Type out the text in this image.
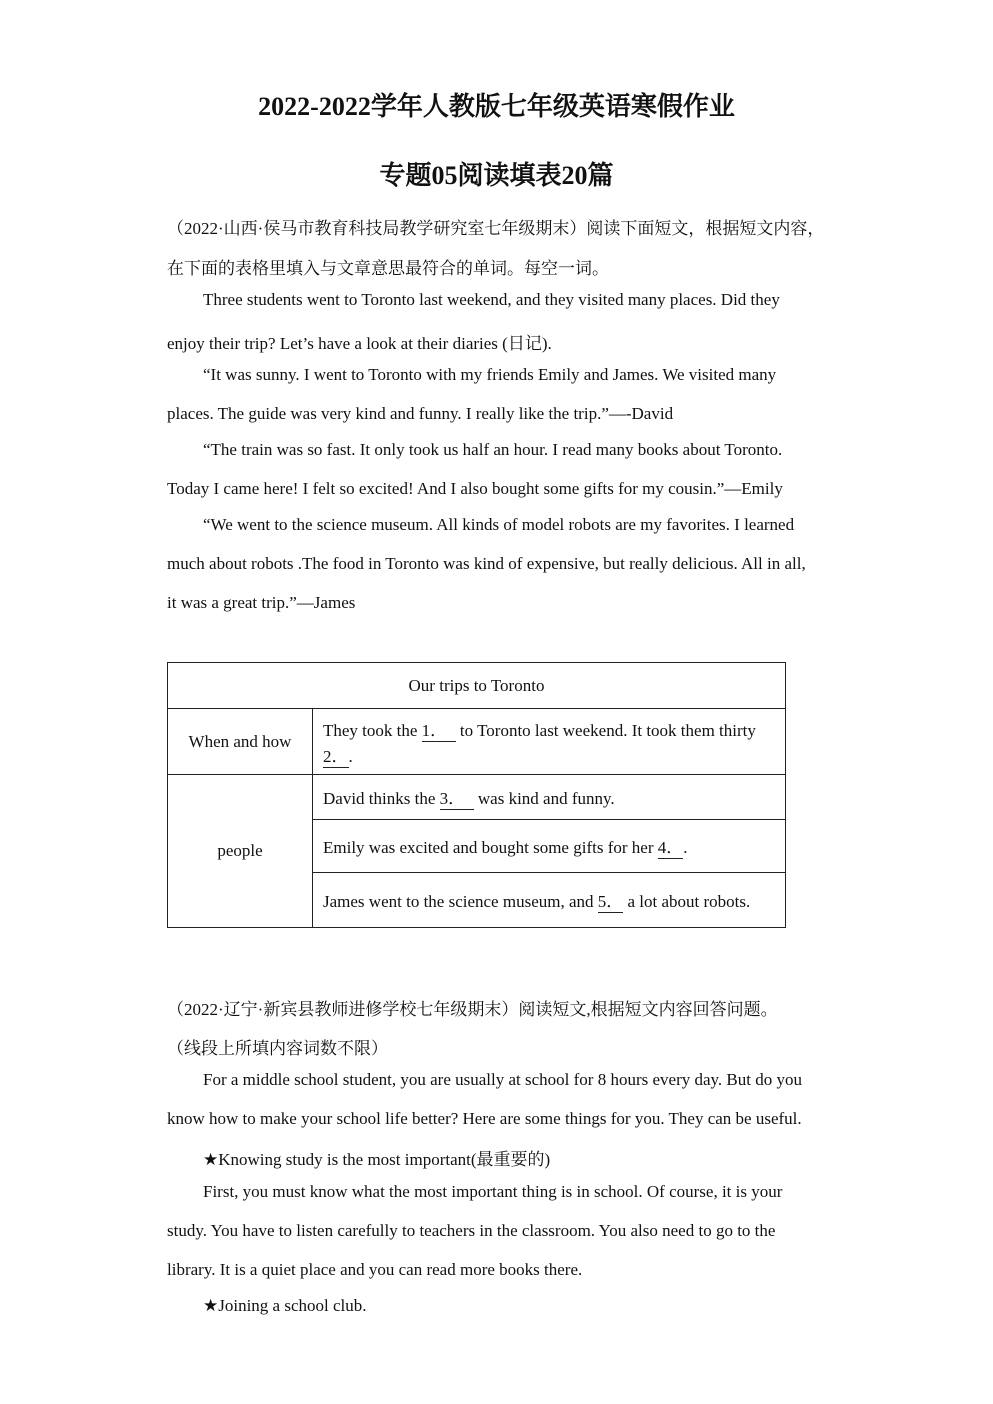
2022-2022学年人教版七年级英语寒假作业
专题05阅读填表20篇
（2022·山西·侯马市教育科技局教学研究室七年级期末）阅读下面短文，根据短文内容，
在下面的表格里填入与文章意思最符合的单词。每空一词。
Three students went to Toronto last weekend, and they visited many places. Did they
enjoy their trip? Let’s have a look at their diaries (日记).
“It was sunny. I went to Toronto with my friends Emily and James. We visited many
places. The guide was very kind and funny. I really like the trip.”—-David
“The train was so fast. It only took us half an hour. I read many books about Toronto.
Today I came here! I felt so excited! And I also bought some gifts for my cousin.”—Emily
“We went to the science museum. All kinds of model robots are my favorites. I learned
much about robots .The food in Toronto was kind of expensive, but really delicious. All in all,
it was a great trip.”—James
Our trips to Toronto	
When and how	They took the 1． to Toronto last weekend. It took them thirty
2．.
people	David thinks the 3． was kind and funny.
	Emily was excited and bought some gifts for her 4．.
	James went to the science museum, and 5． a lot about robots.
（2022·辽宁·新宾县教师进修学校七年级期末）阅读短文,根据短文内容回答问题。
（线段上所填内容词数不限）
For a middle school student, you are usually at school for 8 hours every day. But do you
know how to make your school life better? Here are some things for you. They can be useful.
★Knowing study is the most important(最重要的)
First, you must know what the most important thing is in school. Of course, it is your
study. You have to listen carefully to teachers in the classroom. You also need to go to the
library. It is a quiet place and you can read more books there.
★Joining a school club.
